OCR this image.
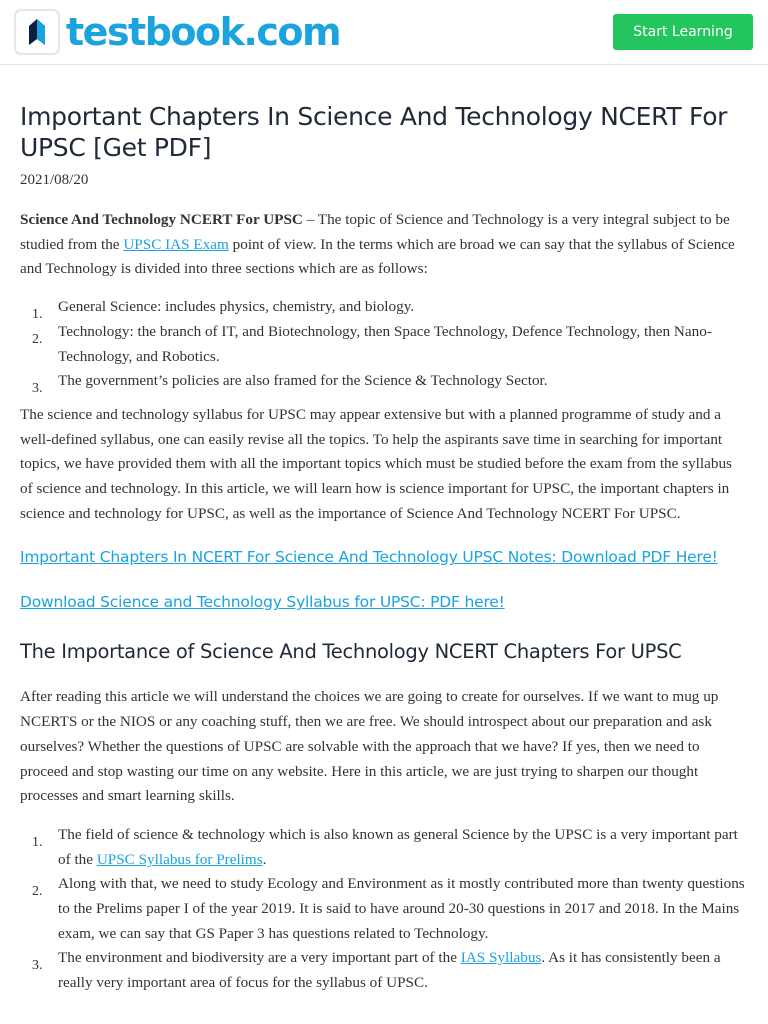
testbook.com	Start Learning
Important Chapters In Science And Technology NCERT For UPSC [Get PDF]
2021/08/20

Science And Technology NCERT For UPSC – The topic of Science and Technology is a very integral subject to be studied from the UPSC IAS Exam point of view. In the terms which are broad we can say that the syllabus of Science and Technology is divided into three sections which are as follows:

1. General Science: includes physics, chemistry, and biology.
2. Technology: the branch of IT, and Biotechnology, then Space Technology, Defence Technology, then Nano-Technology, and Robotics.
3. The government’s policies are also framed for the Science & Technology Sector.

The science and technology syllabus for UPSC may appear extensive but with a planned programme of study and a well-defined syllabus, one can easily revise all the topics. To help the aspirants save time in searching for important topics, we have provided them with all the important topics which must be studied before the exam from the syllabus of science and technology. In this article, we will learn how is science important for UPSC, the important chapters in science and technology for UPSC, as well as the importance of Science And Technology NCERT For UPSC.

Important Chapters In NCERT For Science And Technology UPSC Notes: Download PDF Here!
Download Science and Technology Syllabus for UPSC: PDF here!
The Importance of Science And Technology NCERT Chapters For UPSC

After reading this article we will understand the choices we are going to create for ourselves. If we want to mug up NCERTS or the NIOS or any coaching stuff, then we are free. We should introspect about our preparation and ask ourselves? Whether the questions of UPSC are solvable with the approach that we have? If yes, then we need to proceed and stop wasting our time on any website. Here in this article, we are just trying to sharpen our thought processes and smart learning skills.

1. The field of science & technology which is also known as general Science by the UPSC is a very important part of the UPSC Syllabus for Prelims.
2. Along with that, we need to study Ecology and Environment as it mostly contributed more than twenty questions to the Prelims paper I of the year 2019. It is said to have around 20-30 questions in 2017 and 2018. In the Mains exam, we can say that GS Paper 3 has questions related to Technology.
3. The environment and biodiversity are a very important part of the IAS Syllabus. As it has consistently been a really very important area of focus for the syllabus of UPSC.
